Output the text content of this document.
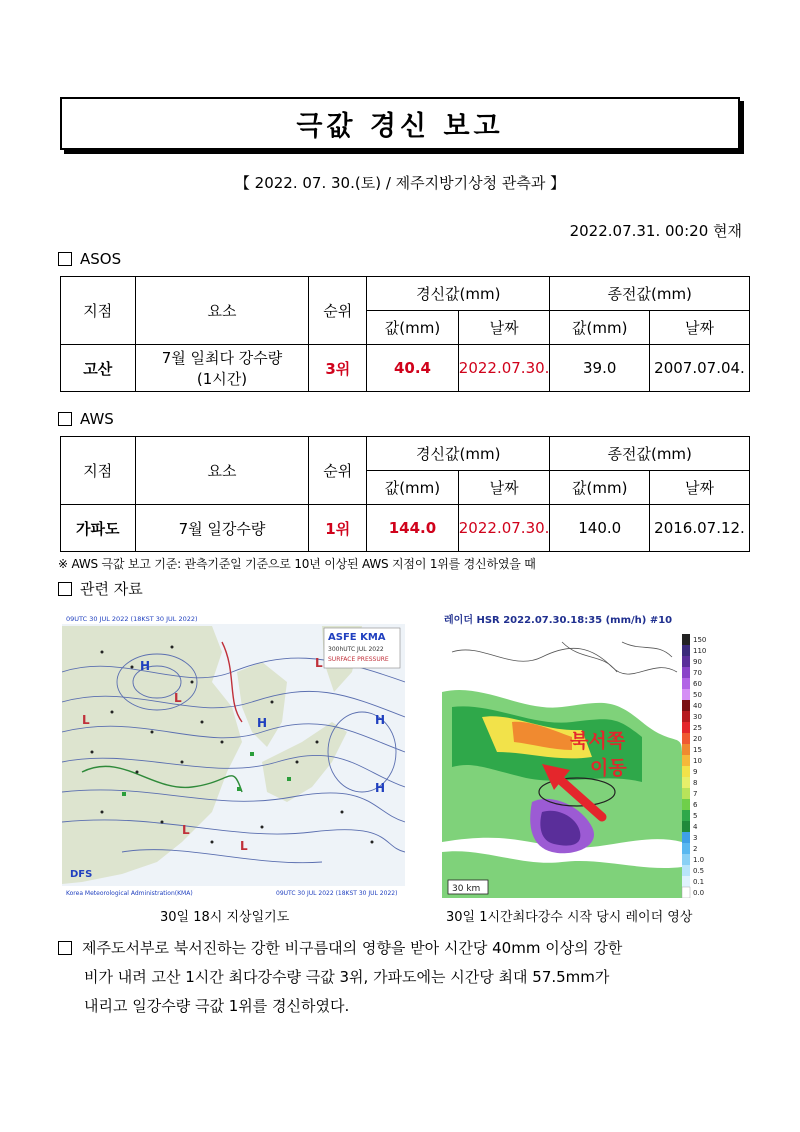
극값 경신 보고
【 2022. 07. 30.(토) / 제주지방기상청 관측과 】
2022.07.31. 00:20 현재
ASOS
지점	요소	순위	경신값(mm)		종전값(mm)	
			값(mm)	날짜	값(mm)	날짜
고산	7월 일최다 강수량
(1시간)	3위	40.4	2022.07.30.	39.0	2007.07.04.
AWS
지점	요소	순위	경신값(mm)		종전값(mm)	
			값(mm)	날짜	값(mm)	날짜
가파도	7월 일강수량	1위	144.0	2022.07.30.	140.0	2016.07.12.
※ AWS 극값 보고 기준: 관측기준일 기준으로 10년 이상된 AWS 지점이 1위를 경신하였을 때
관련 자료
H
L
L
L
H	H
H
L
L
09UTC 30 JUL 2022 (18KST 30 JUL 2022)
ASFE KMA
300hUTC JUL 2022
SURFACE PRESSURE
DFS
Korea Meteorological Administration(KMA)	09UTC 30 JUL 2022 (18KST 30 JUL 2022)
30일 18시 지상일기도
150
110
90
70
60
50
40
30
25
20
15
10
9
8
7
6
5
4
3
2
1.0
0.5
0.1
0.0
레이더 HSR 2022.07.30.18:35 (mm/h) #10
북서쪽
이동
30 km
30일 1시간최다강수 시작 당시 레이더 영상
제주도서부로 북서진하는 강한 비구름대의 영향을 받아 시간당 40mm 이상의 강한
비가 내려 고산 1시간 최다강수량 극값 3위, 가파도에는 시간당 최대 57.5mm가
내리고 일강수량 극값 1위를 경신하였다.
